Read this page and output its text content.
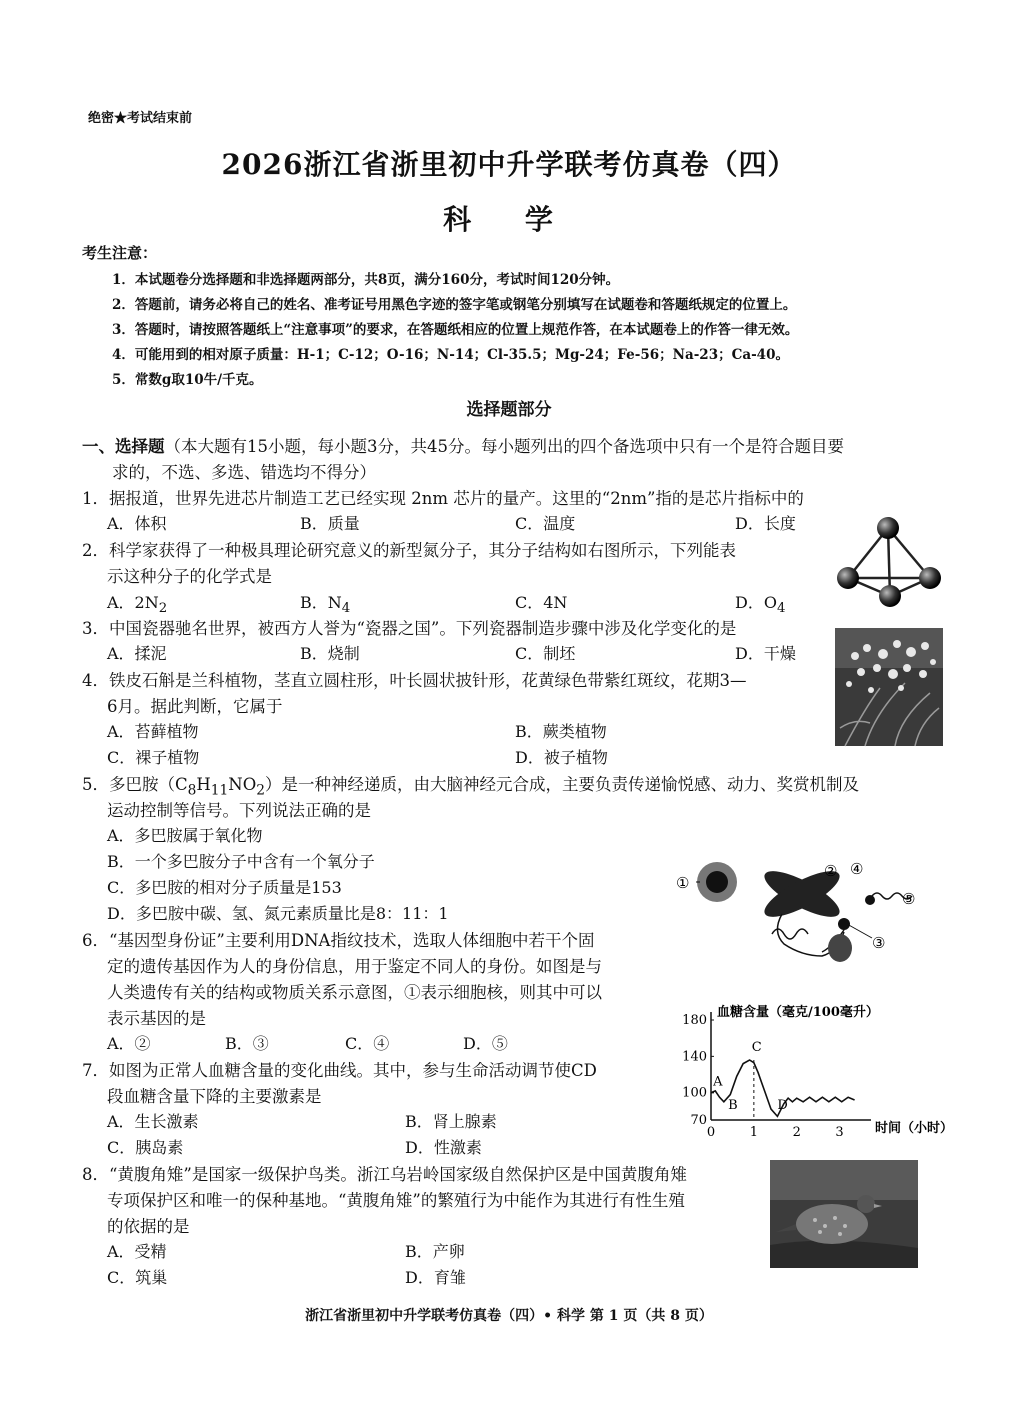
绝密★考试结束前
2026浙江省浙里初中升学联考仿真卷（四）
科 学
考生注意：
1．本试题卷分选择题和非选择题两部分，共8页，满分160分，考试时间120分钟。
2．答题前，请务必将自己的姓名、准考证号用黑色字迹的签字笔或钢笔分别填写在试题卷和答题纸规定的位置上。
3．答题时，请按照答题纸上“注意事项”的要求，在答题纸相应的位置上规范作答，在本试题卷上的作答一律无效。
4．可能用到的相对原子质量：H-1；C-12；O-16；N-14；Cl-35.5；Mg-24；Fe-56；Na-23；Ca-40。
5．常数g取10牛/千克。
选择题部分
一、选择题（本大题有15小题，每小题3分，共45分。每小题列出的四个备选项中只有一个是符合题目要
求的，不选、多选、错选均不得分）
1．据报道，世界先进芯片制造工艺已经实现 2nm 芯片的量产。这里的“2nm”指的是芯片指标中的
A．体积	B．质量	C．温度	D．长度
2．科学家获得了一种极具理论研究意义的新型氮分子，其分子结构如右图所示，下列能表
示这种分子的化学式是
A．$2N_2$	B．$N_4$	C．4N	D．$O_4$
3．中国瓷器驰名世界，被西方人誉为“瓷器之国”。下列瓷器制造步骤中涉及化学变化的是
A．揉泥	B．烧制	C．制坯	D．干燥
4．铁皮石斛是兰科植物，茎直立圆柱形，叶长圆状披针形，花黄绿色带紫红斑纹，花期3—
6月。据此判断，它属于
A．苔藓植物	B．蕨类植物
C．裸子植物	D．被子植物
5．多巴胺$(C_8H_{11}NO_2)$是一种神经递质，由大脑神经元合成，主要负责传递愉悦感、动力、奖赏机制及
运动控制等信号。下列说法正确的是
A．多巴胺属于氧化物
B．一个多巴胺分子中含有一个氧分子
C．多巴胺的相对分子质量是153
D．多巴胺中碳、氢、氮元素质量比是8：11：1
①
②
③
④
⑤
6．“基因型身份证”主要利用DNA指纹技术，选取人体细胞中若干个固
定的遗传基因作为人的身份信息，用于鉴定不同人的身份。如图是与
人类遗传有关的结构或物质关系示意图，①表示细胞核，则其中可以
表示基因的是
A．②	B．③	C．④	D．⑤
血糖含量（毫克/100毫升）
时间（小时）
70
100
140
180
0	1	2	3
A
B
C
D
7．如图为正常人血糖含量的变化曲线。其中，参与生命活动调节使CD
段血糖含量下降的主要激素是
A．生长激素	B．肾上腺素
C．胰岛素	D．性激素
8．“黄腹角雉”是国家一级保护鸟类。浙江乌岩岭国家级自然保护区是中国黄腹角雉
专项保护区和唯一的保种基地。“黄腹角雉”的繁殖行为中能作为其进行有性生殖
的依据的是
A．受精	B．产卵
C．筑巢	D．育雏
浙江省浙里初中升学联考仿真卷（四）• 科学 第 1 页（共 8 页）
